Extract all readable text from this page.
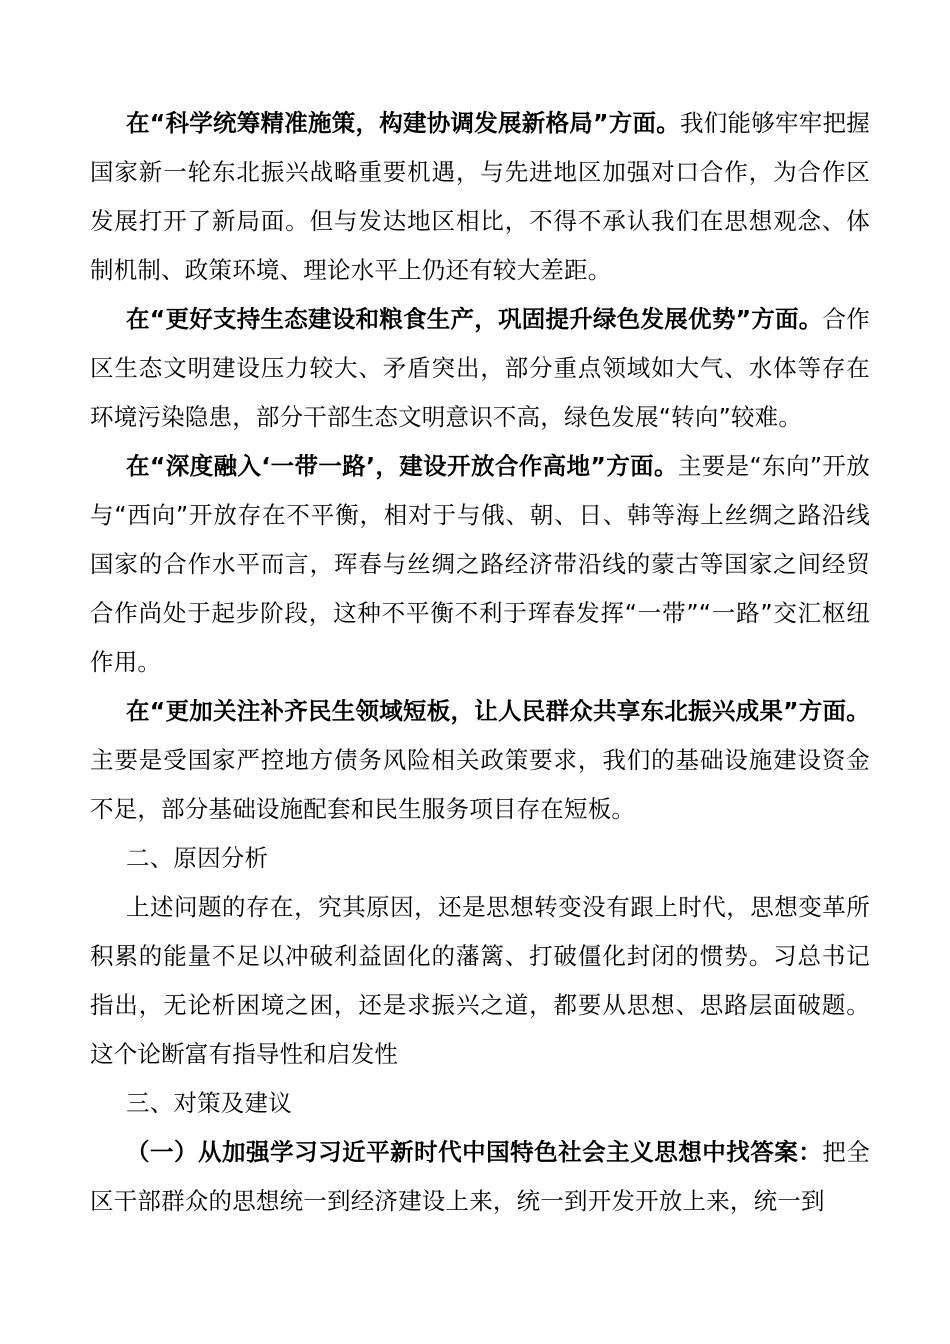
在“科学统筹精准施策，构建协调发展新格局”方面。我们能够牢牢把握国家新一轮东北振兴战略重要机遇，与先进地区加强对口合作，为合作区发展打开了新局面。但与发达地区相比，不得不承认我们在思想观念、体制机制、政策环境、理论水平上仍还有较大差距。

在“更好支持生态建设和粮食生产，巩固提升绿色发展优势”方面。合作区生态文明建设压力较大、矛盾突出，部分重点领域如大气、水体等存在环境污染隐患，部分干部生态文明意识不高，绿色发展“转向”较难。

在“深度融入‘一带一路’，建设开放合作高地”方面。主要是“东向”开放与“西向”开放存在不平衡，相对于与俄、朝、日、韩等海上丝绸之路沿线国家的合作水平而言，珲春与丝绸之路经济带沿线的蒙古等国家之间经贸合作尚处于起步阶段，这种不平衡不利于珲春发挥“一带”“一路”交汇枢纽作用。

在“更加关注补齐民生领域短板，让人民群众共享东北振兴成果”方面。主要是受国家严控地方债务风险相关政策要求，我们的基础设施建设资金不足，部分基础设施配套和民生服务项目存在短板。

二、原因分析

上述问题的存在，究其原因，还是思想转变没有跟上时代，思想变革所积累的能量不足以冲破利益固化的藩篱、打破僵化封闭的惯势。习总书记指出，无论析困境之困，还是求振兴之道，都要从思想、思路层面破题。这个论断富有指导性和启发性

三、对策及建议

（一）从加强学习习近平新时代中国特色社会主义思想中找答案：把全区干部群众的思想统一到经济建设上来，统一到开发开放上来，统一到
